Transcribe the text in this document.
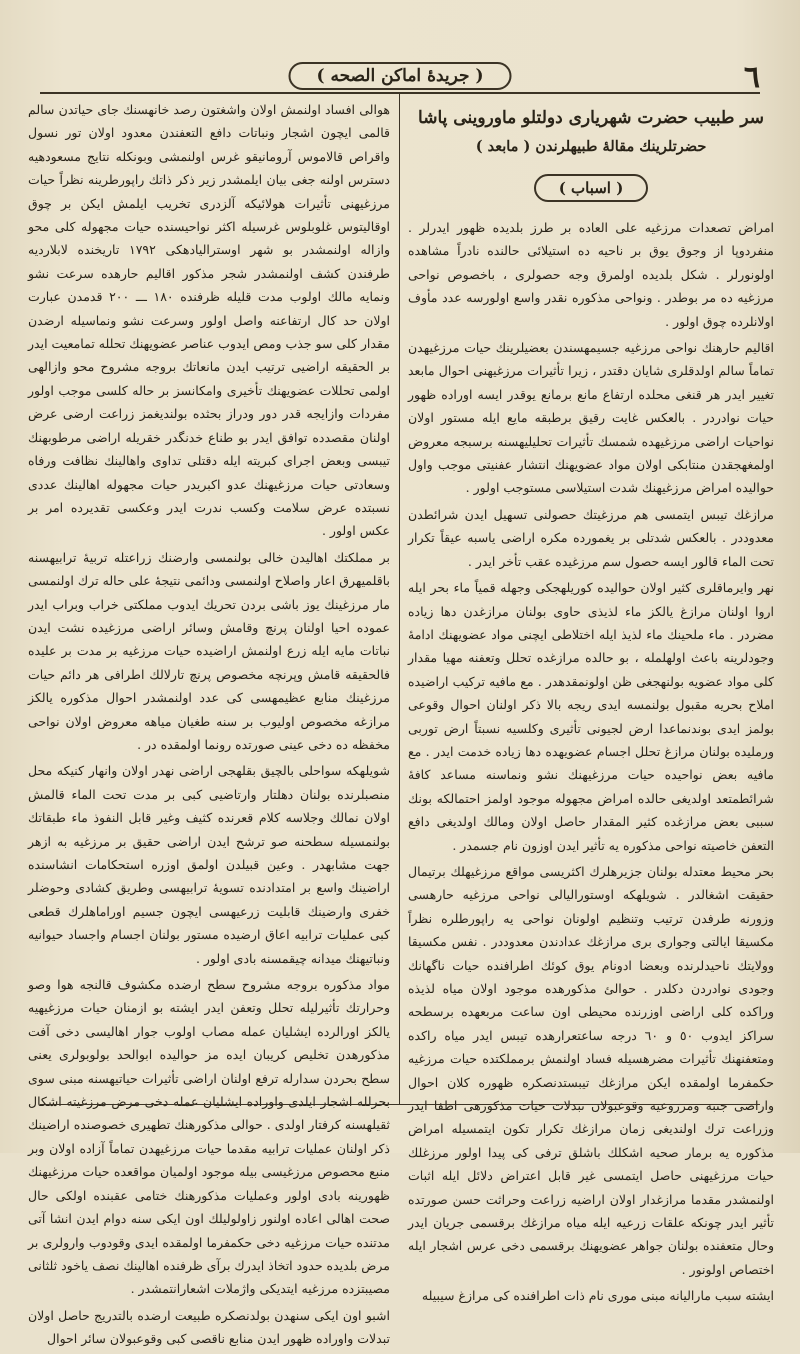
٦
( جریدهٔ اماکن الصحه )
سر طبیب حضرت شهریاری دولتلو ماوروینی پاشا
حضرتلرینك مقالهٔ طبیهلرندن ( مابعد )
( اسباب )

امراض تصعدات مرزغیه علی العاده بر طرز بلدیده ظهور ایدرلر . منفردوپا از وجوق یوق بر ناحیه ده استیلائی حالنده نادراً مشاهده اولونورلر . شکل بلدیده اولمرق وجه حصولری ، باخصوص نواحی مرزغیه ده مر بوطدر . ونواحی مذکوره نقدر واسع اولورسه عدد مأوف اولانلرده چوق اولور .

اقالیم حارهنك نواحی مرزغیه جسیمهسندن بعضیلرینك حیات مرزغیهدن تماماً سالم اولدقلری شایان دقتدر ، زیرا تأثیرات مرزغیهنی احوال مابعد تغییر ایدر هر قنغی محلده ارتفاع مانع برمانع یوقدر ایسه اوراده ظهور حیات نوادردر . بالعکس غایت رقیق برطبقه مایع ایله مستور اولان نواحیات اراضی مرزغیهده شمسك تأثیرات تحلیلیهسنه برسبجه معروض اولمغهجقدن منتابكی اولان مواد عضویهنك انتشار عفنیتی موجب واول حوالیده امراض مرزغیهنك شدت استیلاسی مستوجب اولور .

مرازغك تیبس ایتمسی هم مرزغیتك حصولنی تسهیل ایدن شرائطدن معدوددر . بالعکس شدتلی بر یغمورده مکره اراضی یاسبه عیقاً تکرار تحت الماء قالور ایسه حصول سم مرزغیده عقب تأخر ایدر .

نهر وایرماقلری کثیر اولان حوالیده کوریلهجکی وجهله قمیاً ماء بحر ایله اروا اولنان مرازغ یالکز ماء لذیذی حاوی بولنان مرازغدن دها زیاده مضردر . ماء ملحینك ماء لذیذ ایله اختلاطی ایچنی مواد عضویهنك ادامهٔ وجودلرینه باعث اولهلمله ، بو حالده مرازغده تحلل وتعفنه مهیا مقدار کلی مواد عضویه بولنهجغی ظن اولونمقدهدر . مع مافیه ترکیب اراضیده املاح بحریه مقبول بولنمسه ایدی ریجه بالا ذکر اولنان احوال وقوعی بولمز ایدی بوندنماعدا ارض لجیونی تأثیری وکلسیه نسبتاً ارض توربی ورملیده بولنان مرازغ تحلل اجسام عضویهده دها زیاده خدمت ایدر . مع مافیه بعض نواحیده حیات مرزغیهنك نشو ونماسنه مساعد کافهٔ شرائطمتعد اولدیغی حالده امراض مجهوله موجود اولمز احتمالکه بونك سببی بعض مرازغده کثیر المقدار حاصل اولان ومالك اولدیغی دافع التعفن خاصیته نواحی مذکوره یه تأثیر ایدن اوزون نام جسمدر .

بحر محیط معتدله بولنان جزیرهلرك اکثریسی مواقع مرزغیهلك برتیمال حقیقت اشغالدر . شویلهکه اوستورالیالی نواحی مرزغیه حارهسی وزورنه طرفدن ترتیب وتنظیم اولونان نواحی یه راپورطلره نظراً مکسیقا ایالتی وجواری بری مرازغك عدادندن معدوددر . نفس مکسیقا وولایتك ناحیدلرنده وبعضا ادونام یوق کوئك اطرافنده حیات ناگهانك وجودی نوادردن دکلدر . حوالئ مذکورهده موجود اولان میاه لذیذه وراکده کلی اراضی اوزرنده محیطی اون ساعت مربعهده برسطحه سراکز ایدوب ٥٠ و ٦٠ درجه ساعتعرارهده تیبس ایدر میاه راکده ومتعفنهنك تأثیرات مضرهسیله فساد اولنمش برمملکتده حیات مرزغیه حکمفرما اولمقده ایکن مرازغك تیبستدنصکره ظهوره کلان احوال واراضی جنبه ومزروعیه وقوعبولان تبدلات حیات مذکورهی اطفا ایدر وزراعت ترك اولندیغی زمان مرازغك تکرار تکون ایتمسیله امراض مذکوره یه برمار صحیه اشکلك باشلق ترفی کی پیدا اولور مرزغلك حیات مرزغیهنی حاصل ایتمسی غیر قابل اعتراض دلائل ایله اثبات اولنمشدر مقدما مرازغدار اولان اراضیه زراعت وحراثت حسن صورتده تأثیر ایدر چونکه علقات زرعیه ایله میاه مرازغك برقسمی جریان ایدر وحال متعفنده بولنان جواهر عضویهنك برقسمی دخی عرس اشجار ایله اختصاص اولونور .

ایشته سبب ماراليانه مبنی موری نام ذات اطرافنده کی مرازغ سیبیله

هوالی افساد اولنمش اولان واشغتون رصد خانهسنك جای حیاتدن سالم قالمی ایچون اشجار ونباتات دافع التعفندن معدود اولان تور نسول واقراص قالاموس آرومانیقو غرس اولنمشی وبونکله نتایج مسعودهیه دسترس اولنه جغی بیان ایلمشدر زیر ذکر ذاتك راپورطرینه نظراً حیات مرزغیهنی تأثیرات هولائیکه آلزدری تخریب ایلمش ایکن بر چوق اوقالیتوس غلوبلوس غرسیله اکثر نواحیسنده حیات مجهوله کلی محو وازاله اولنمشدر بو شهر اوستراليادهکی ١٧٩٢ تاریخنده لابلاردیه طرفندن کشف اولنمشدر شجر مذکور اقالیم حارهده سرعت نشو ونمایه مالك اولوب مدت قلیله ظرفنده ١٨٠ ـــ ٢٠٠ قدمدن عبارت اولان حد کال ارتفاعنه واصل اولور وسرعت نشو ونماسیله ارضدن مقدار کلی سو جذب ومص ایدوب عناصر عضویهنك تحلله تمامعیت ایدر بر الحقیقه اراضیی ترتیب ایدن مانعاتك بروجه مشروح محو وازالهی اولمی تحللات عضویهنك تأخیری وامکانسز بر حاله کلسی موجب اولور مفردات وازایجه قدر دور ودراز بحثده بولندیغمز زراعت ارضی عرض اولنان مقصدده توافق ایدر بو طناع خدنگدر خقریله اراضی مرطوبهنك تیبسی وبعض اجرای کبریته ایله دقتلی تداوی واهالینك نظافت ورفاه وسعادتی حیات مرزغیهنك عدو اکبریدر حیات مجهوله اهالینك عددی نسبتده عرض سلامت وکسب ندرت ایدر وعکسی تقدیرده امر بر عکس اولور .

بر مملکتك اهالیدن خالی بولنمسی وارضنك زراعتله تربیهٔ ترابیهسنه باقلمیهرق اعار واصلاح اولنمسی ودائمی نتیجهٔ علی حاله ترك اولنمسی مار مرزغینك یوز باشی بردن تحریك ایدوب مملکتی خراب وبراب ایدر عموده احیا اولنان پرنچ وقامش وسائر اراضی مرزغیده نشت ایدن نباتات مایه ایله زرع اولنمش اراضیده حیات مرزغیه بر مدت بر علیده فالحقیقه قامش وپرنچه مخصوص پرنچ تارلالك اطرافی هر دائم حیات مرزغینك منابع عظیمهسی کی عدد اولنمشدر احوال مذکوره یالکز مرازغه مخصوص اولیوب بر سنه طغیان میاهه معروض اولان نواحی مخفظه ده دخی عینی صورتده رونما اولمقده در .

شویلهکه سواحلی بالچیق بقلهجی اراضی نهدر اولان وانهار کنیکه محل منصبلرنده بولنان دهلتار وارتاضیی کبی بر مدت تحت الماء قالمش اولان نمالك وجلاسه کلام قعرنده کثیف وغیر قابل النفوذ ماء طبقاتك بولنمسیله سطحنه صو ترشح ایدن اراضی حقیق بر مرزغیه به ازهر جهت مشابهدر . وعین قبیلدن اولمق اوزره استحکامات انشاسنده اراضینك واسع بر امتدادنده تسویهٔ ترابیهسی وطریق کشادی وحوضلر خفری وارضینك قابلیت زرعیهسی ایچون جسیم اوراماهلرك قطعی کبی عملیات ترابیه اعاق ارضیده مستور بولنان اجسام واجساد حیوانیه ونباتیهنك میدانه چیقمسنه بادی اولور .

مواد مذکوره بروجه مشروح سطح ارضده مکشوف قالنجه هوا وصو وحرارتك تأثیرلیله تحلل وتعفن ایدر ایشته بو ازمنان حیات مرزغیهیه یالکز اورالرده ایشلیان عمله مصاب اولوب جوار اهالیسی دخی آفت مذکورهدن تخلیص کریبان ایده مز حوالیده ابوالحد بولوبولری یعنی سطح بحردن سدارله ترفع اولنان اراضی تأثیرات حیاتیهسنه مبنی سوی بحرلله اشجار ایلدی واوراده ایشلیان عمله دخی مرض مرزغیته اشکال ثقیلهسنه کرفتار اولدی . حوالی مذکورهنك تطهیری خصوصنده اراضینك ذکر اولنان عملیات ترابیه مقدما حیات مرزغیهدن تماماً آزاده اولان وبر منبع محصوص مرزغیسی بیله موجود اولمیان مواقعده حیات مرزغیهنك ظهورینه بادی اولور وعملیات مذکورهنك ختامی عقبنده اولکی حال صحت اهالی اعاده اولنور زاولولیلك اون ایکی سنه دوام ایدن انشا آتی مدتنده حیات مرزغیه دخی حکمفرما اولمقده ایدی وقودوب وارولری بر مرض بلدیده حدود اتخاذ ایدرك برآی ظرفنده اهالینك نصف یاخود ثلثانی مصیبتزده مرزغیه ایتدیکی واژملات اشعارانتمشدر .

اشبو اون ایکی سنهدن بولدنصکره طبیعت ارضده بالتدریج حاصل اولان تبدلات واوراده ظهور ایدن منابع ناقصی کبی وقوعبولان سائر احوال
